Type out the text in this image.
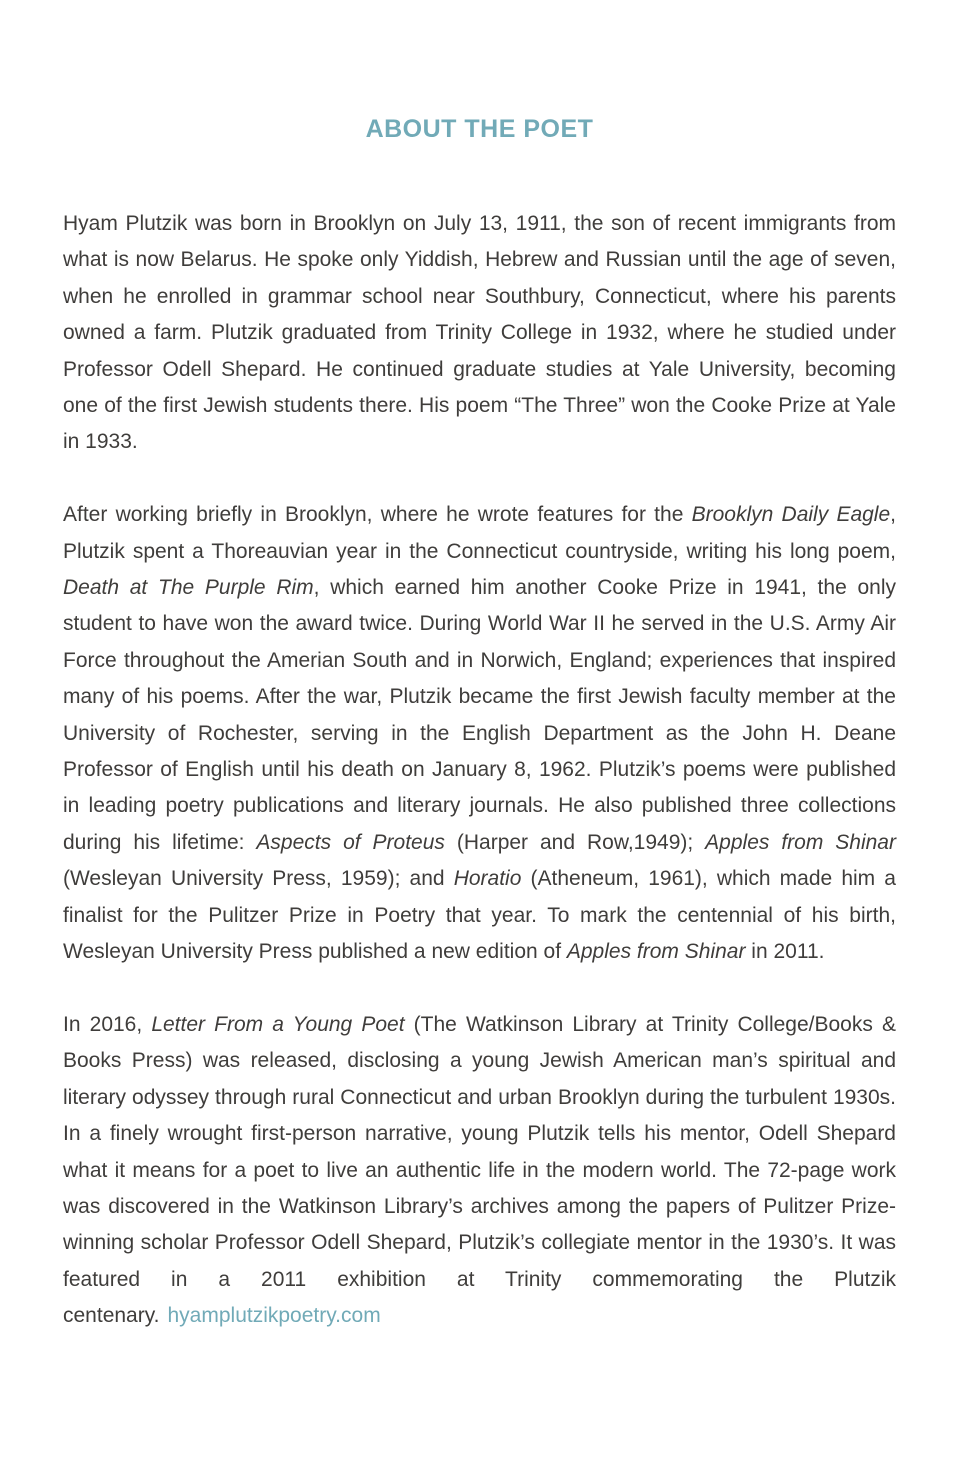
ABOUT THE POET

Hyam Plutzik was born in Brooklyn on July 13, 1911, the son of recent immigrants from what is now Belarus. He spoke only Yiddish, Hebrew and Russian until the age of seven, when he enrolled in grammar school near Southbury, Connecticut, where his parents owned a farm. Plutzik graduated from Trinity College in 1932, where he studied under Professor Odell Shepard. He continued graduate studies at Yale University, becoming one of the first Jewish students there. His poem “The Three” won the Cooke Prize at Yale in 1933.

After working briefly in Brooklyn, where he wrote features for the Brooklyn Daily Eagle, Plutzik spent a Thoreauvian year in the Connecticut countryside, writing his long poem, Death at The Purple Rim, which earned him another Cooke Prize in 1941, the only student to have won the award twice. During World War II he served in the U.S. Army Air Force throughout the Amerian South and in Norwich, England; experiences that inspired many of his poems. After the war, Plutzik became the first Jewish faculty member at the University of Rochester, serving in the English Department as the John H. Deane Professor of English until his death on January 8, 1962. Plutzik’s poems were published in leading poetry publications and literary journals. He also published three collections during his lifetime: Aspects of Proteus (Harper and Row,1949); Apples from Shinar (Wesleyan University Press, 1959); and Horatio (Atheneum, 1961), which made him a finalist for the Pulitzer Prize in Poetry that year. To mark the centennial of his birth, Wesleyan University Press published a new edition of Apples from Shinar in 2011.

In 2016, Letter From a Young Poet (The Watkinson Library at Trinity College/Books & Books Press) was released, disclosing a young Jewish American man’s spiritual and literary odyssey through rural Connecticut and urban Brooklyn during the turbulent 1930s. In a finely wrought first-person narrative, young Plutzik tells his mentor, Odell Shepard what it means for a poet to live an authentic life in the modern world. The 72-page work was discovered in the Watkinson Library’s archives among the papers of Pulitzer Prize-winning scholar Professor Odell Shepard, Plutzik’s collegiate mentor in the 1930’s. It was featured in a 2011 exhibition at Trinity commemorating the Plutzik centenary. hyamplutzikpoetry.com
